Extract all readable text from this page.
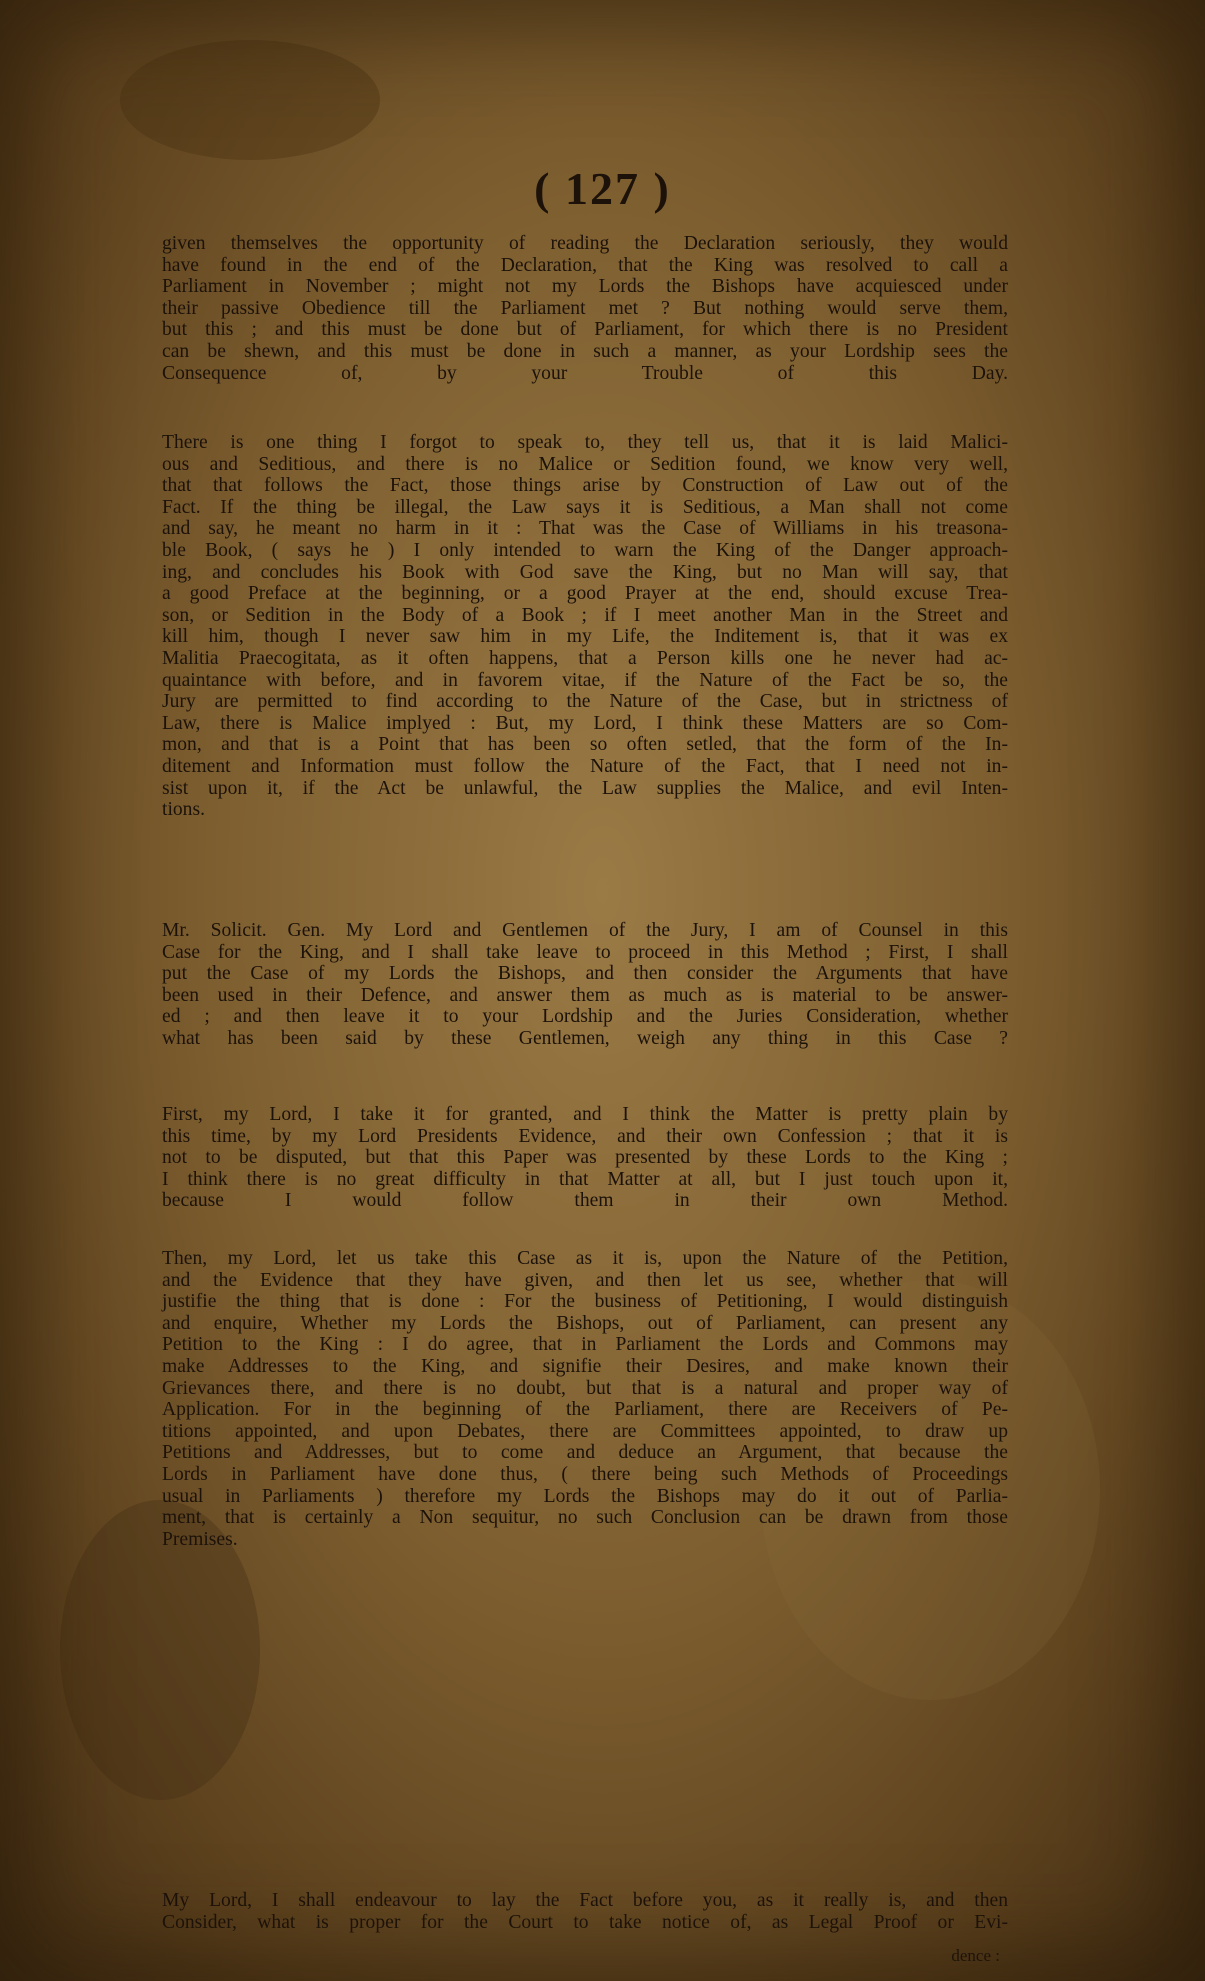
( 127 )
given themselves the opportunity of reading the Declaration seriously, they would
have found in the end of the Declaration, that the King was resolved to call a
Parliament in November ; might not my Lords the Bishops have acquiesced under
their passive Obedience till the Parliament met ? But nothing would serve them,
but this ; and this must be done but of Parliament, for which there is no President
can be shewn, and this must be done in such a manner, as your Lordship sees the
Consequence of, by your Trouble of this Day.
There is one thing I forgot to speak to, they tell us, that it is laid Malici-
ous and Seditious, and there is no Malice or Sedition found, we know very well,
that that follows the Fact, those things arise by Construction of Law out of the
Fact. If the thing be illegal, the Law says it is Seditious, a Man shall not come
and say, he meant no harm in it : That was the Case of Williams in his treasona-
ble Book, ( says he ) I only intended to warn the King of the Danger approach-
ing, and concludes his Book with God save the King, but no Man will say, that
a good Preface at the beginning, or a good Prayer at the end, should excuse Trea-
son, or Sedition in the Body of a Book ; if I meet another Man in the Street and
kill him, though I never saw him in my Life, the Inditement is, that it was ex
Malitia Praecogitata, as it often happens, that a Person kills one he never had ac-
quaintance with before, and in favorem vitae, if the Nature of the Fact be so, the
Jury are permitted to find according to the Nature of the Case, but in strictness of
Law, there is Malice implyed : But, my Lord, I think these Matters are so Com-
mon, and that is a Point that has been so often setled, that the form of the In-
ditement and Information must follow the Nature of the Fact, that I need not in-
sist upon it, if the Act be unlawful, the Law supplies the Malice, and evil Inten-
tions.
Mr. Solicit. Gen. My Lord and Gentlemen of the Jury, I am of Counsel in this
Case for the King, and I shall take leave to proceed in this Method ; First, I shall
put the Case of my Lords the Bishops, and then consider the Arguments that have
been used in their Defence, and answer them as much as is material to be answer-
ed ; and then leave it to your Lordship and the Juries Consideration, whether
what has been said by these Gentlemen, weigh any thing in this Case ?
First, my Lord, I take it for granted, and I think the Matter is pretty plain by
this time, by my Lord Presidents Evidence, and their own Confession ; that it is
not to be disputed, but that this Paper was presented by these Lords to the King ;
I think there is no great difficulty in that Matter at all, but I just touch upon it,
because I would follow them in their own Method.
Then, my Lord, let us take this Case as it is, upon the Nature of the Petition,
and the Evidence that they have given, and then let us see, whether that will
justifie the thing that is done : For the business of Petitioning, I would distinguish
and enquire, Whether my Lords the Bishops, out of Parliament, can present any
Petition to the King : I do agree, that in Parliament the Lords and Commons may
make Addresses to the King, and signifie their Desires, and make known their
Grievances there, and there is no doubt, but that is a natural and proper way of
Application. For in the beginning of the Parliament, there are Receivers of Pe-
titions appointed, and upon Debates, there are Committees appointed, to draw up
Petitions and Addresses, but to come and deduce an Argument, that because the
Lords in Parliament have done thus, ( there being such Methods of Proceedings
usual in Parliaments ) therefore my Lords the Bishops may do it out of Parlia-
ment, that is certainly a Non sequitur, no such Conclusion can be drawn from those
Premises.
My Lord, I shall endeavour to lay the Fact before you, as it really is, and then
Consider, what is proper for the Court to take notice of, as Legal Proof or Evi-

dence :
